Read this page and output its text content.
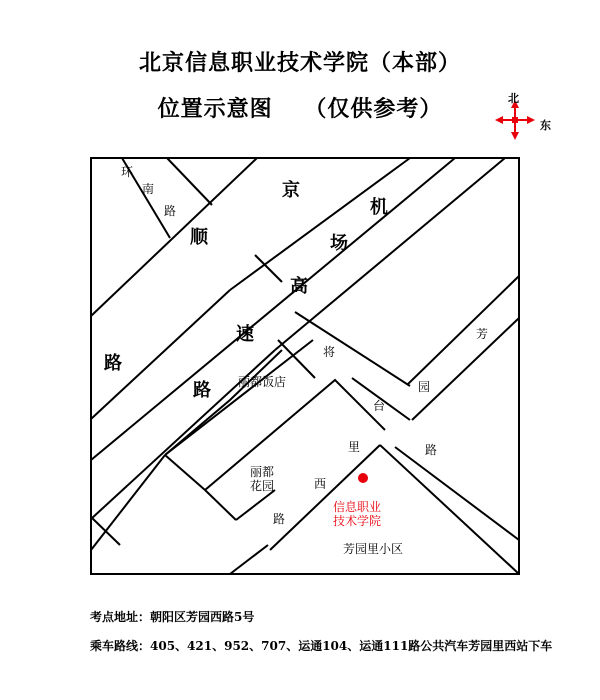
北京信息职业技术学院（本部）
位置示意图　 （仅供参考）	北
东
环
南
路
顺
路
京
机
场
高
速
路
将
台
芳
园
路
里
西
路
丽都饭店
丽都
花园
信息职业
技术学院
芳园里小区
考点地址：朝阳区芳园西路5号
乘车路线：405、421、952、707、运通104、运通111路公共汽车芳园里西站下车
